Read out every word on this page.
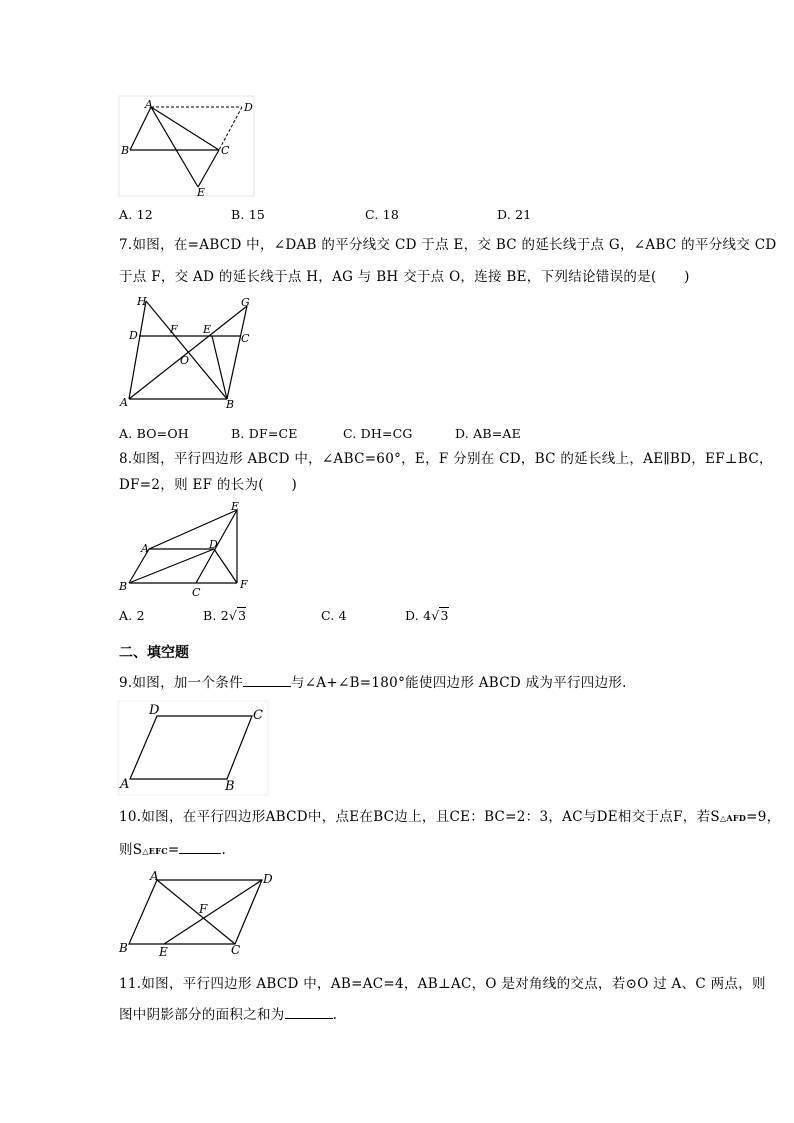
A	D
B	C
E
A. 12	B. 15	C. 18	D. 21
7.如图，在=ABCD 中，∠DAB 的平分线交 CD 于点 E，交 BC 的延长线于点 G，∠ABC 的平分线交 CD
于点 F，交 AD 的延长线于点 H，AG 与 BH 交于点 O，连接 BE，下列结论错误的是(　　)
H	G
D	F E
C
O
A	B
A. BO=OH	B. DF=CE	C. DH=CG	D. AB=AE
8.如图，平行四边形 ABCD 中，∠ABC=60°，E，F 分别在 CD，BC 的延长线上，AE∥BD，EF⊥BC，
DF=2，则 EF 的长为(　　)
E
A	D
B	C
F
A. 2	B. 2√3	C. 4	D. 4√3
二、填空题
9.如图，加一个条件	与∠A+∠B=180°能使四边形 ABCD 成为平行四边形.
D	C
A	B
10.如图，在平行四边形ABCD中，点E在BC边上，且CE：BC=2：3，AC与DE相交于点F，若S△AFD=9，
则S△EFC=	.
A	D
F
B	E	C
11.如图，平行四边形 ABCD 中，AB=AC=4，AB⊥AC，O 是对角线的交点，若⊙O 过 A、C 两点，则
图中阴影部分的面积之和为	.
